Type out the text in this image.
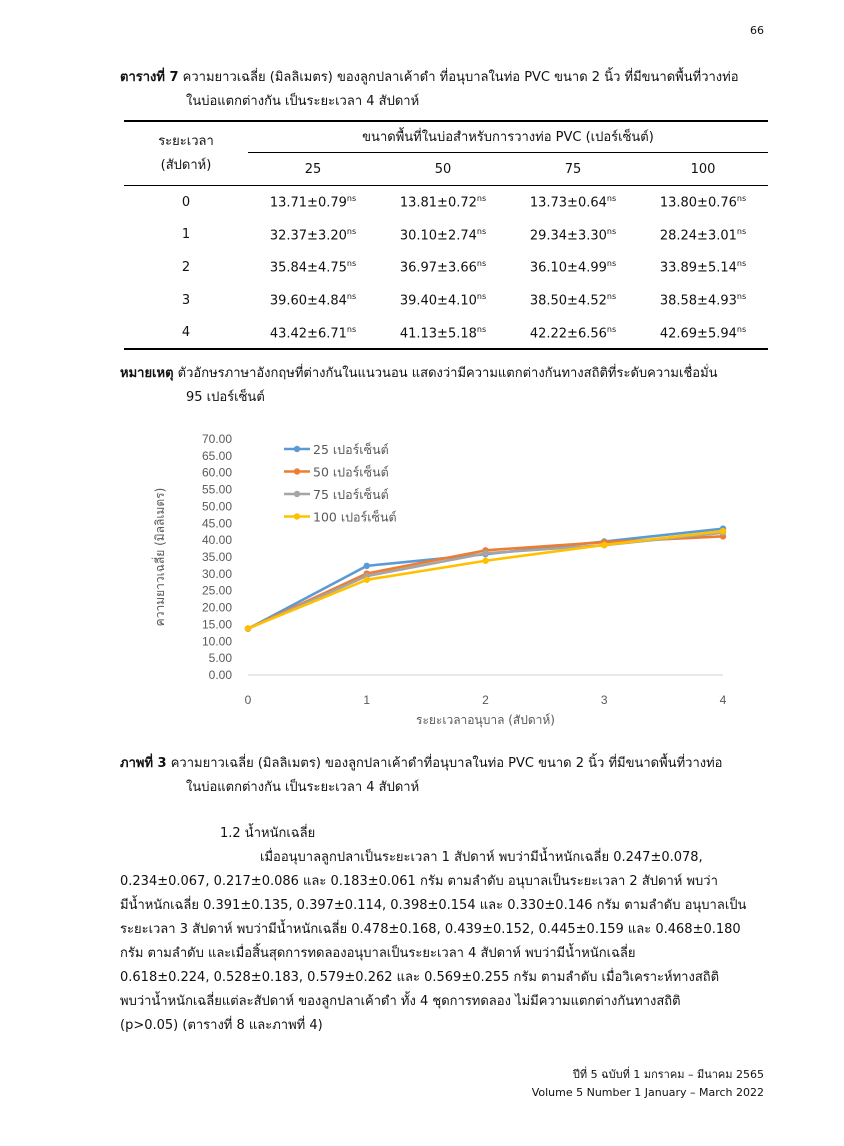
66
ตารางที่ 7 ความยาวเฉลี่ย (มิลลิเมตร) ของลูกปลาเค้าดำ ที่อนุบาลในท่อ PVC ขนาด 2 นิ้ว ที่มีขนาดพื้นที่วางท่อ
ในบ่อแตกต่างกัน เป็นระยะเวลา 4 สัปดาห์
ระยะเวลา
(สัปดาห์)	ขนาดพื้นที่ในบ่อสำหรับการวางท่อ PVC (เปอร์เซ็นต์)			
	25	50	75	100
0	$13.71\pm 0.79^{ns}$	$13.81\pm 0.72^{ns}$	$13.73\pm 0.64^{ns}$	$13.80\pm 0.76^{ns}$
1	$32.37\pm 3.20^{ns}$	$30.10\pm 2.74^{ns}$	$29.34\pm 3.30^{ns}$	$28.24\pm 3.01^{ns}$
2	$35.84\pm 4.75^{ns}$	$36.97\pm 3.66^{ns}$	$36.10\pm 4.99^{ns}$	$33.89\pm 5.14^{ns}$
3	$39.60\pm 4.84^{ns}$	$39.40\pm 4.10^{ns}$	$38.50\pm 4.52^{ns}$	$38.58\pm 4.93^{ns}$
4	$43.42\pm 6.71^{ns}$	$41.13\pm 5.18^{ns}$	$42.22\pm 6.56^{ns}$	$42.69\pm 5.94^{ns}$
หมายเหตุ ตัวอักษรภาษาอังกฤษที่ต่างกันในแนวนอน แสดงว่ามีความแตกต่างกันทางสถิติที่ระดับความเชื่อมั่น
95 เปอร์เซ็นต์
0.00
5.00
10.00
15.00
20.00
25.00
30.00
35.00
40.00
45.00
50.00
55.00
60.00
65.00
70.00
0	1	2	3	4
ระยะเวลาอนุบาล (สัปดาห์)
ความยาวเฉลี่ย (มิลลิเมตร)
25 เปอร์เซ็นต์
50 เปอร์เซ็นต์
75 เปอร์เซ็นต์
100 เปอร์เซ็นต์
ภาพที่ 3 ความยาวเฉลี่ย (มิลลิเมตร) ของลูกปลาเค้าดำที่อนุบาลในท่อ PVC ขนาด 2 นิ้ว ที่มีขนาดพื้นที่วางท่อ
ในบ่อแตกต่างกัน เป็นระยะเวลา 4 สัปดาห์
1.2 น้ำหนักเฉลี่ย
เมื่ออนุบาลลูกปลาเป็นระยะเวลา 1 สัปดาห์ พบว่ามีน้ำหนักเฉลี่ย 0.247±0.078,
0.234±0.067, 0.217±0.086 และ 0.183±0.061 กรัม ตามลำดับ อนุบาลเป็นระยะเวลา 2 สัปดาห์ พบว่า
มีน้ำหนักเฉลี่ย 0.391±0.135, 0.397±0.114, 0.398±0.154 และ 0.330±0.146 กรัม ตามลำดับ อนุบาลเป็น
ระยะเวลา 3 สัปดาห์ พบว่ามีน้ำหนักเฉลี่ย 0.478±0.168, 0.439±0.152, 0.445±0.159 และ 0.468±0.180
กรัม ตามลำดับ และเมื่อสิ้นสุดการทดลองอนุบาลเป็นระยะเวลา 4 สัปดาห์ พบว่ามีน้ำหนักเฉลี่ย
0.618±0.224, 0.528±0.183, 0.579±0.262 และ 0.569±0.255 กรัม ตามลำดับ เมื่อวิเคราะห์ทางสถิติ
พบว่าน้ำหนักเฉลี่ยแต่ละสัปดาห์ ของลูกปลาเค้าดำ ทั้ง 4 ชุดการทดลอง ไม่มีความแตกต่างกันทางสถิติ
(p>0.05) (ตารางที่ 8 และภาพที่ 4)
ปีที่ 5 ฉบับที่ 1 มกราคม – มีนาคม 2565
Volume 5 Number 1 January – March 2022
